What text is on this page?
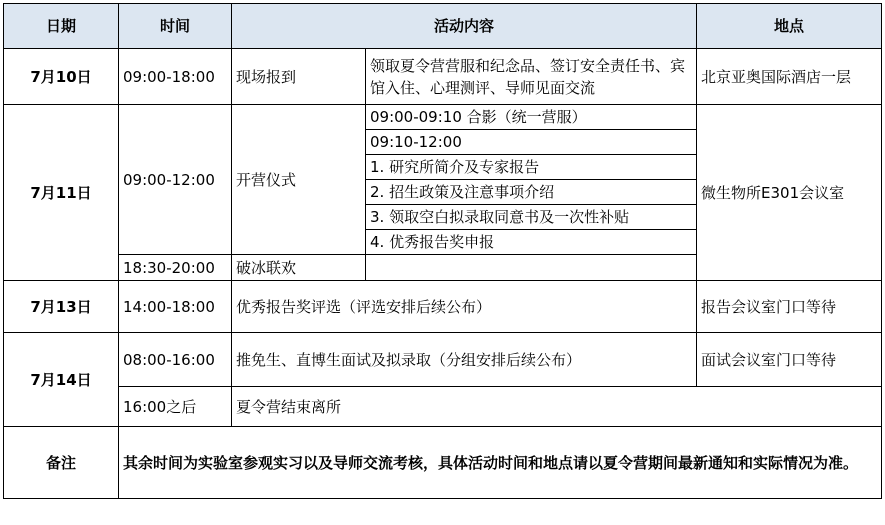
日期	时间	活动内容		地点
7月10日	09:00-18:00	现场报到	领取夏令营营服和纪念品、签订安全责任书、宾馆入住、心理测评、导师见面交流	北京亚奥国际酒店一层
7月11日	09:00-12:00	开营仪式	09:00-09:10 合影（统一营服）	微生物所E301会议室
			09:10-12:00	
			1. 研究所简介及专家报告	
			2. 招生政策及注意事项介绍	
			3. 领取空白拟录取同意书及一次性补贴	
			4. 优秀报告奖申报	
	18:30-20:00	破冰联欢		
7月13日	14:00-18:00	优秀报告奖评选（评选安排后续公布）		报告会议室门口等待
7月14日	08:00-16:00	推免生、直博生面试及拟录取（分组安排后续公布）		面试会议室门口等待
	16:00之后	夏令营结束离所		
备注	其余时间为实验室参观实习以及导师交流考核，具体活动时间和地点请以夏令营期间最新通知和实际情况为准。			
